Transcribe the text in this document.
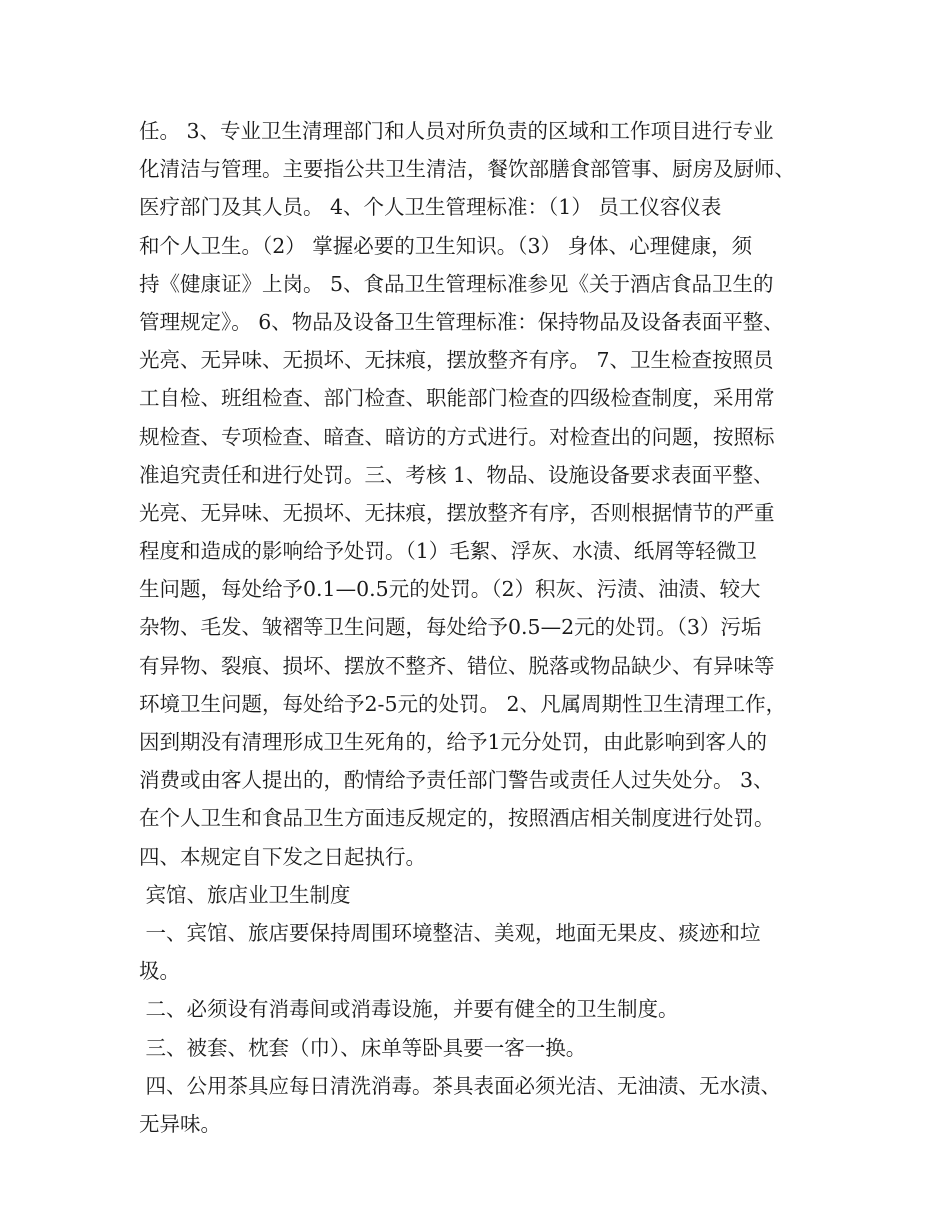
任。 3、专业卫生清理部门和人员对所负责的区域和工作项目进行专业
化清洁与管理。主要指公共卫生清洁，餐饮部膳食部管事、厨房及厨师、
医疗部门及其人员。 4、个人卫生管理标准：（1） 员工仪容仪表
和个人卫生。（2） 掌握必要的卫生知识。（3） 身体、心理健康，须
持《健康证》上岗。 5、食品卫生管理标准参见《关于酒店食品卫生的
管理规定》。 6、物品及设备卫生管理标准：保持物品及设备表面平整、
光亮、无异味、无损坏、无抹痕，摆放整齐有序。 7、卫生检查按照员
工自检、班组检查、部门检查、职能部门检查的四级检查制度，采用常
规检查、专项检查、暗查、暗访的方式进行。对检查出的问题，按照标
准追究责任和进行处罚。三、考核 1、物品、设施设备要求表面平整、
光亮、无异味、无损坏、无抹痕，摆放整齐有序，否则根据情节的严重
程度和造成的影响给予处罚。（1）毛絮、浮灰、水渍、纸屑等轻微卫
生问题，每处给予0.1—0.5元的处罚。（2）积灰、污渍、油渍、较大
杂物、毛发、皱褶等卫生问题，每处给予0.5—2元的处罚。（3）污垢
有异物、裂痕、损坏、摆放不整齐、错位、脱落或物品缺少、有异味等
环境卫生问题，每处给予2-5元的处罚。 2、凡属周期性卫生清理工作，
因到期没有清理形成卫生死角的，给予1元分处罚，由此影响到客人的
消费或由客人提出的，酌情给予责任部门警告或责任人过失处分。 3、
在个人卫生和食品卫生方面违反规定的，按照酒店相关制度进行处罚。
四、本规定自下发之日起执行。
宾馆、旅店业卫生制度
一、宾馆、旅店要保持周围环境整洁、美观，地面无果皮、痰迹和垃
圾。
二、必须设有消毒间或消毒设施，并要有健全的卫生制度。
三、被套、枕套（巾）、床单等卧具要一客一换。
四、公用茶具应每日清洗消毒。茶具表面必须光洁、无油渍、无水渍、
无异味。
